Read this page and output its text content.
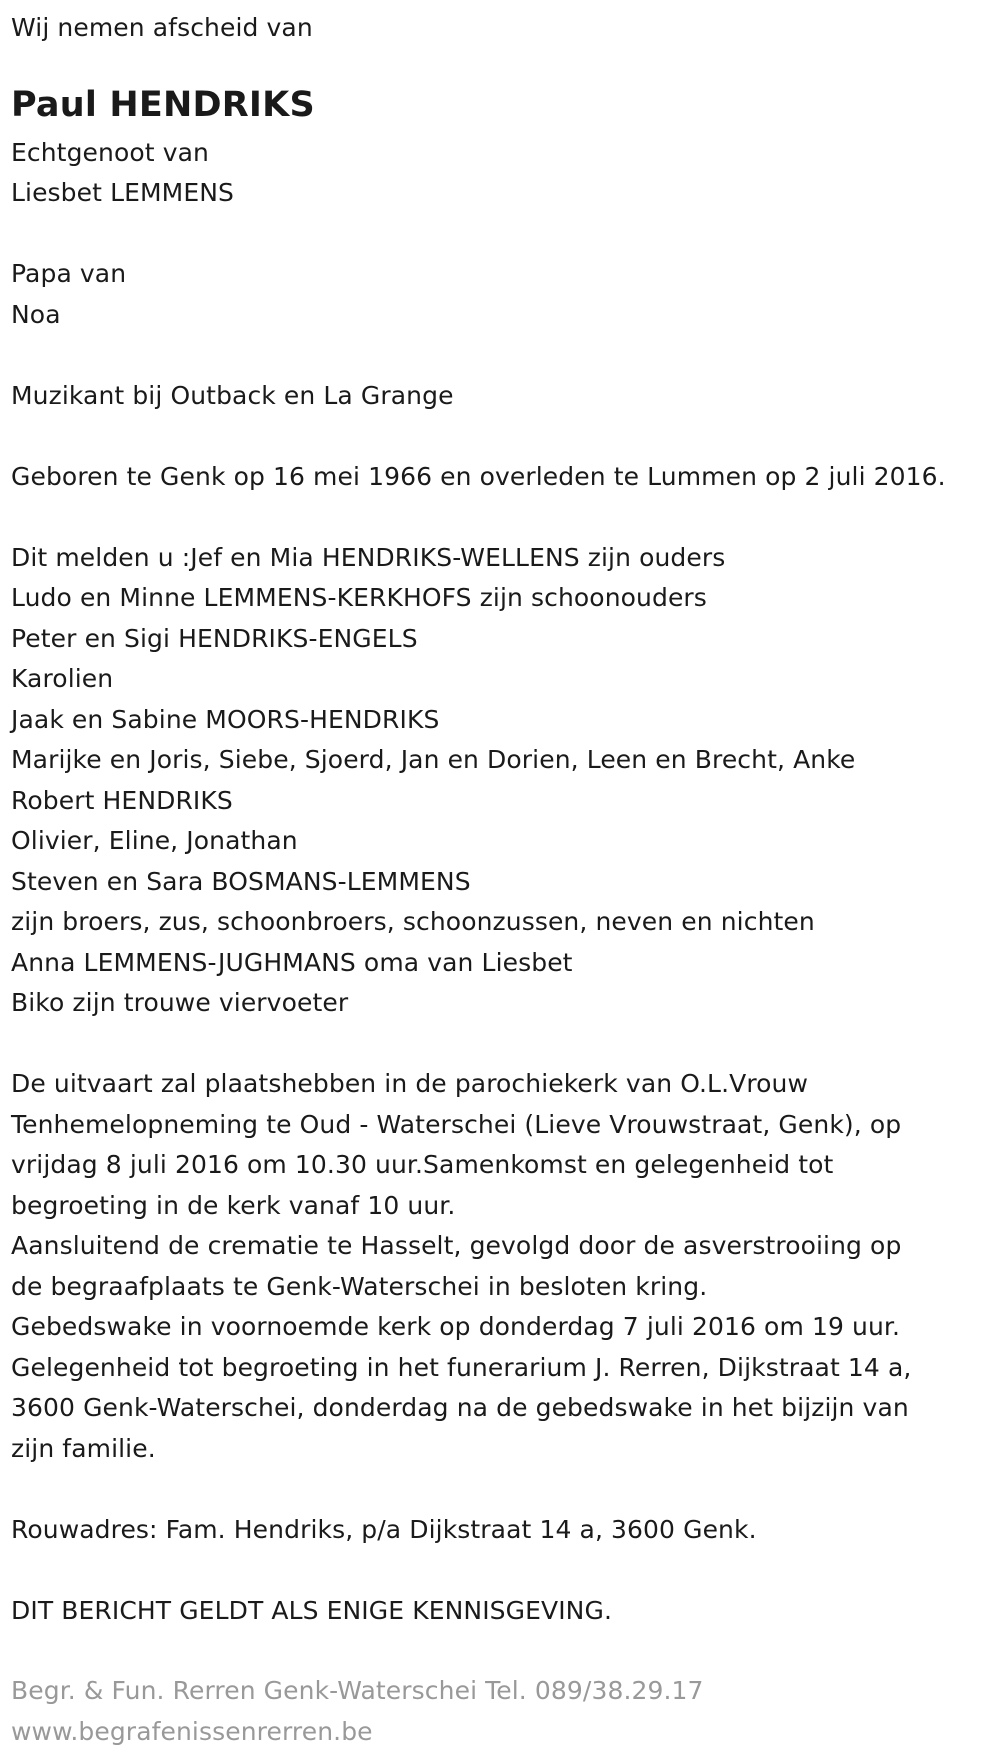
Wij nemen afscheid van
Paul HENDRIKS
Echtgenoot van
Liesbet LEMMENS
Papa van
Noa
Muzikant bij Outback en La Grange
Geboren te Genk op 16 mei 1966 en overleden te Lummen op 2 juli 2016.
Dit melden u :Jef en Mia HENDRIKS-WELLENS zijn ouders
Ludo en Minne LEMMENS-KERKHOFS zijn schoonouders
Peter en Sigi HENDRIKS-ENGELS
Karolien
Jaak en Sabine MOORS-HENDRIKS
Marijke en Joris, Siebe, Sjoerd, Jan en Dorien, Leen en Brecht, Anke
Robert HENDRIKS
Olivier, Eline, Jonathan
Steven en Sara BOSMANS-LEMMENS
zijn broers, zus, schoonbroers, schoonzussen, neven en nichten
Anna LEMMENS-JUGHMANS oma van Liesbet
Biko zijn trouwe viervoeter
De uitvaart zal plaatshebben in de parochiekerk van O.L.Vrouw
Tenhemelopneming te Oud - Waterschei (Lieve Vrouwstraat, Genk), op
vrijdag 8 juli 2016 om 10.30 uur.Samenkomst en gelegenheid tot
begroeting in de kerk vanaf 10 uur.
Aansluitend de crematie te Hasselt, gevolgd door de asverstrooiing op
de begraafplaats te Genk-Waterschei in besloten kring.
Gebedswake in voornoemde kerk op donderdag 7 juli 2016 om 19 uur.
Gelegenheid tot begroeting in het funerarium J. Rerren, Dijkstraat 14 a,
3600 Genk-Waterschei, donderdag na de gebedswake in het bijzijn van
zijn familie.
Rouwadres: Fam. Hendriks, p/a Dijkstraat 14 a, 3600 Genk.
DIT BERICHT GELDT ALS ENIGE KENNISGEVING.
Begr. & Fun. Rerren Genk-Waterschei Tel. 089/38.29.17
www.begrafenissenrerren.be
